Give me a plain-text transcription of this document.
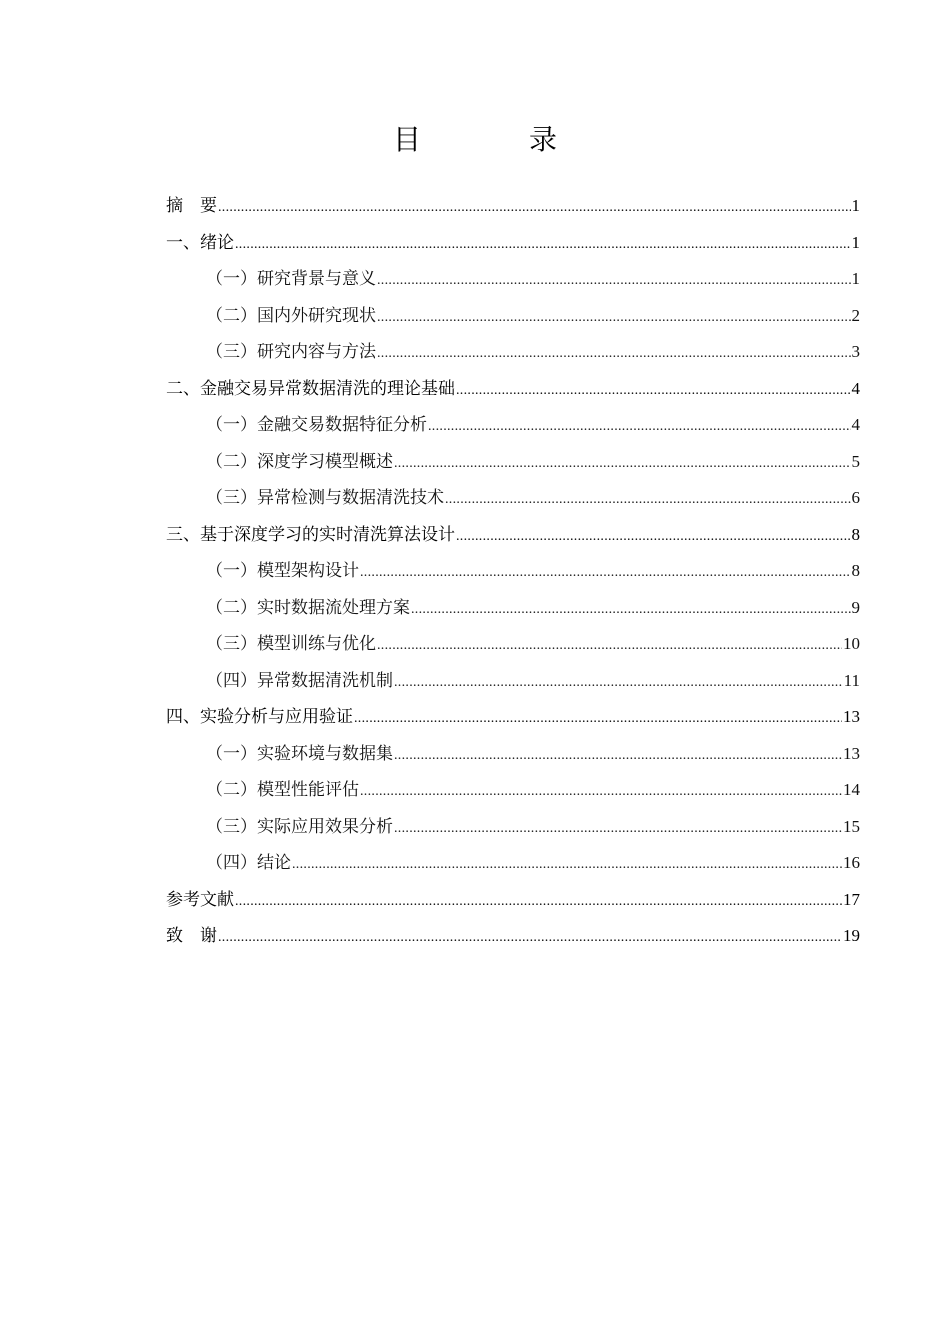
目　录
摘　要 .....	1
一、绪论 .....	1
（一）研究背景与意义 .....	1
（二）国内外研究现状 .....	2
（三）研究内容与方法 .....	3
二、金融交易异常数据清洗的理论基础 .....	4
（一）金融交易数据特征分析 .....	4
（二）深度学习模型概述 .....	5
（三）异常检测与数据清洗技术 .....	6
三、基于深度学习的实时清洗算法设计 .....	8
（一）模型架构设计 .....	8
（二）实时数据流处理方案 .....	9
（三）模型训练与优化 .....	10
（四）异常数据清洗机制 .....	11
四、实验分析与应用验证 .....	13
（一）实验环境与数据集 .....	13
（二）模型性能评估 .....	14
（三）实际应用效果分析 .....	15
（四）结论 .....	16
参考文献 .....	17
致　谢 .....	19
